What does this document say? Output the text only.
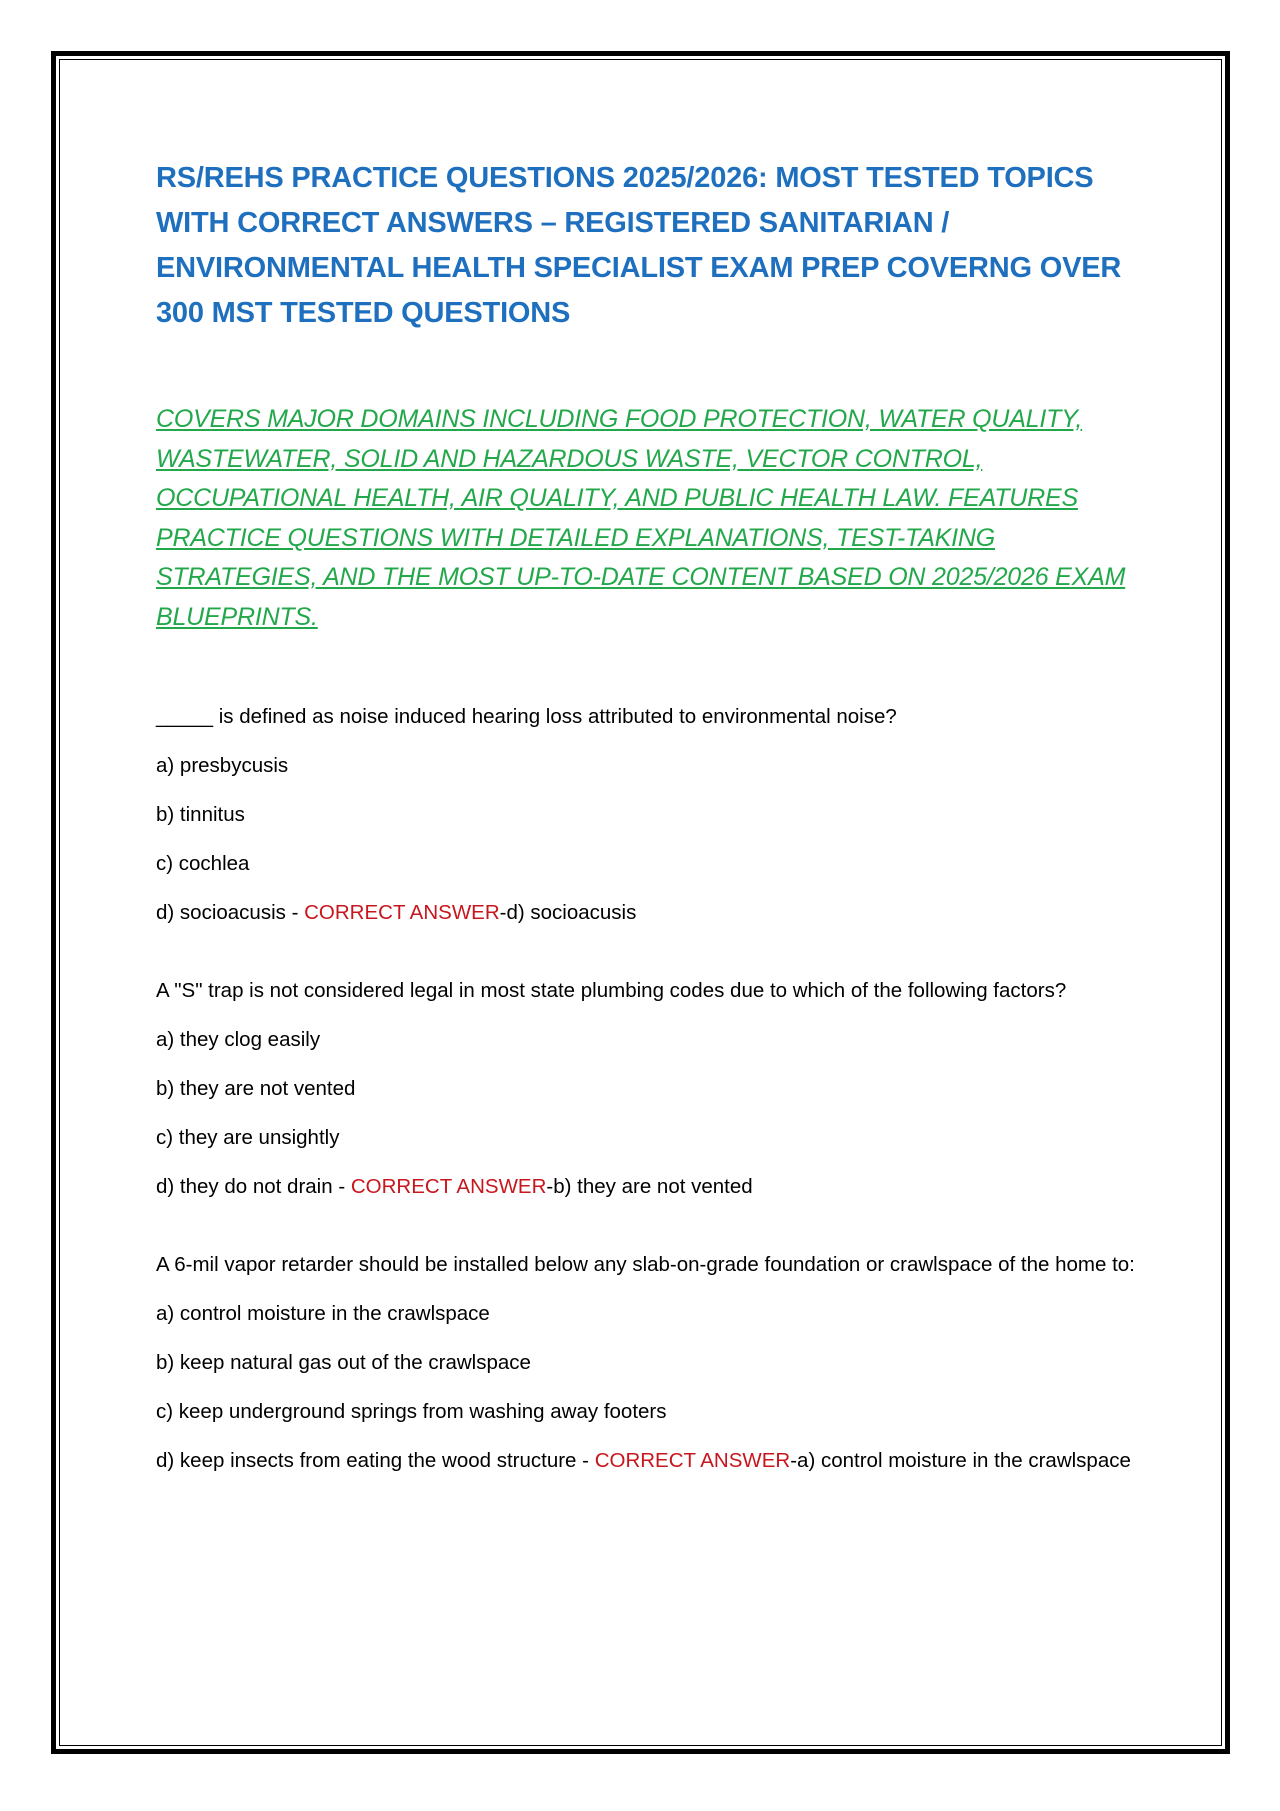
RS/REHS PRACTICE QUESTIONS 2025/2026: MOST TESTED TOPICS WITH CORRECT ANSWERS – REGISTERED SANITARIAN / ENVIRONMENTAL HEALTH SPECIALIST EXAM PREP COVERNG OVER 300 MST TESTED QUESTIONS

COVERS MAJOR DOMAINS INCLUDING FOOD PROTECTION, WATER QUALITY, WASTEWATER, SOLID AND HAZARDOUS WASTE, VECTOR CONTROL, OCCUPATIONAL HEALTH, AIR QUALITY, AND PUBLIC HEALTH LAW. FEATURES PRACTICE QUESTIONS WITH DETAILED EXPLANATIONS, TEST-TAKING STRATEGIES, AND THE MOST UP-TO-DATE CONTENT BASED ON 2025/2026 EXAM BLUEPRINTS.

_____ is defined as noise induced hearing loss attributed to environmental noise?

a) presbycusis

b) tinnitus

c) cochlea

d) socioacusis - CORRECT ANSWER-d) socioacusis

A "S" trap is not considered legal in most state plumbing codes due to which of the following factors?

a) they clog easily

b) they are not vented

c) they are unsightly

d) they do not drain - CORRECT ANSWER-b) they are not vented

A 6-mil vapor retarder should be installed below any slab-on-grade foundation or crawlspace of the home to:

a) control moisture in the crawlspace

b) keep natural gas out of the crawlspace

c) keep underground springs from washing away footers

d) keep insects from eating the wood structure - CORRECT ANSWER-a) control moisture in the crawlspace
